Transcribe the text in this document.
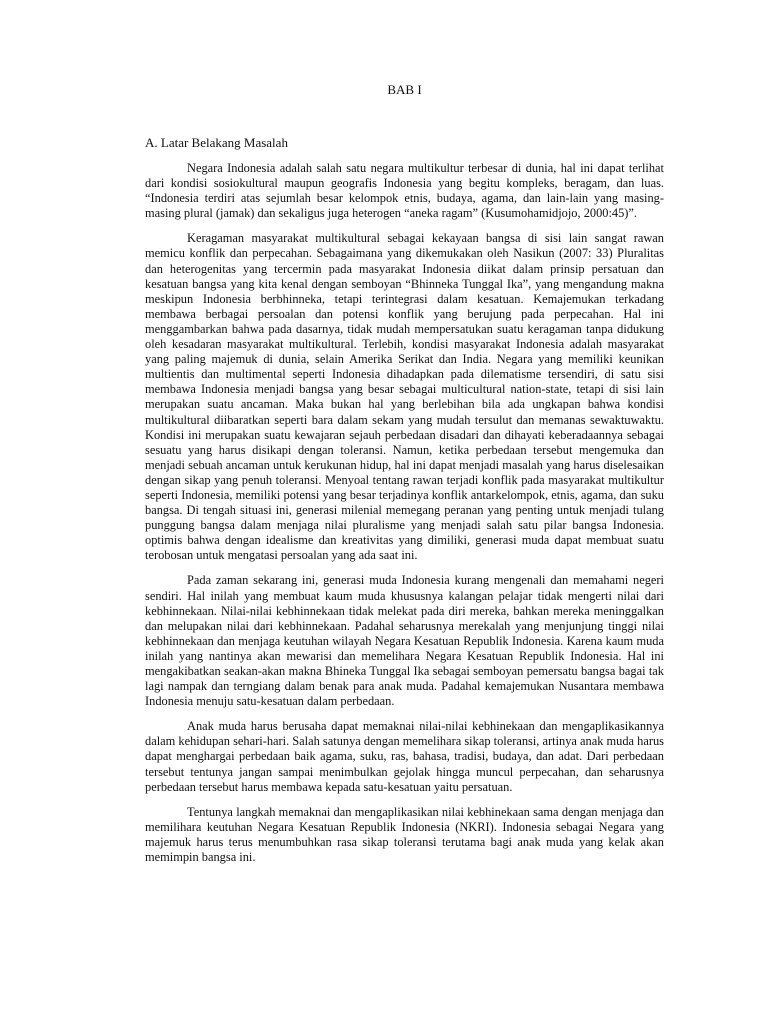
BAB I
A. Latar Belakang Masalah

Negara Indonesia adalah salah satu negara multikultur terbesar di dunia, hal ini dapat terlihat dari kondisi sosiokultural maupun geografis Indonesia yang begitu kompleks, beragam, dan luas. “Indonesia terdiri atas sejumlah besar kelompok etnis, budaya, agama, dan lain-lain yang masing-masing plural (jamak) dan sekaligus juga heterogen “aneka ragam” (Kusumohamidjojo, 2000:45)”.

Keragaman masyarakat multikultural sebagai kekayaan bangsa di sisi lain sangat rawan memicu konflik dan perpecahan. Sebagaimana yang dikemukakan oleh Nasikun (2007: 33) Pluralitas dan heterogenitas yang tercermin pada masyarakat Indonesia diikat dalam prinsip persatuan dan kesatuan bangsa yang kita kenal dengan semboyan “Bhinneka Tunggal Ika”, yang mengandung makna meskipun Indonesia berbhinneka, tetapi terintegrasi dalam kesatuan. Kemajemukan terkadang membawa berbagai persoalan dan potensi konflik yang berujung pada perpecahan. Hal ini menggambarkan bahwa pada dasarnya, tidak mudah mempersatukan suatu keragaman tanpa didukung oleh kesadaran masyarakat multikultural. Terlebih, kondisi masyarakat Indonesia adalah masyarakat yang paling majemuk di dunia, selain Amerika Serikat dan India. Negara yang memiliki keunikan multientis dan multimental seperti Indonesia dihadapkan pada dilematisme tersendiri, di satu sisi membawa Indonesia menjadi bangsa yang besar sebagai multicultural nation-state, tetapi di sisi lain merupakan suatu ancaman. Maka bukan hal yang berlebihan bila ada ungkapan bahwa kondisi multikultural diibaratkan seperti bara dalam sekam yang mudah tersulut dan memanas sewaktuwaktu. Kondisi ini merupakan suatu kewajaran sejauh perbedaan disadari dan dihayati keberadaannya sebagai sesuatu yang harus disikapi dengan toleransi. Namun, ketika perbedaan tersebut mengemuka dan menjadi sebuah ancaman untuk kerukunan hidup, hal ini dapat menjadi masalah yang harus diselesaikan dengan sikap yang penuh toleransi. Menyoal tentang rawan terjadi konflik pada masyarakat multikultur seperti Indonesia, memiliki potensi yang besar terjadinya konflik antarkelompok, etnis, agama, dan suku bangsa. Di tengah situasi ini, generasi milenial memegang peranan yang penting untuk menjadi tulang punggung bangsa dalam menjaga nilai pluralisme yang menjadi salah satu pilar bangsa Indonesia. optimis bahwa dengan idealisme dan kreativitas yang dimiliki, generasi muda dapat membuat suatu terobosan untuk mengatasi persoalan yang ada saat ini.

Pada zaman sekarang ini, generasi muda Indonesia kurang mengenali dan memahami negeri sendiri. Hal inilah yang membuat kaum muda khususnya kalangan pelajar tidak mengerti nilai dari kebhinnekaan. Nilai-nilai kebhinnekaan tidak melekat pada diri mereka, bahkan mereka meninggalkan dan melupakan nilai dari kebhinnekaan. Padahal seharusnya merekalah yang menjunjung tinggi nilai kebhinnekaan dan menjaga keutuhan wilayah Negara Kesatuan Republik Indonesia. Karena kaum muda inilah yang nantinya akan mewarisi dan memelihara Negara Kesatuan Republik Indonesia. Hal ini mengakibatkan seakan-akan makna Bhineka Tunggal Ika sebagai semboyan pemersatu bangsa bagai tak lagi nampak dan terngiang dalam benak para anak muda. Padahal kemajemukan Nusantara membawa Indonesia menuju satu-kesatuan dalam perbedaan.

Anak muda harus berusaha dapat memaknai nilai-nilai kebhinekaan dan mengaplikasikannya dalam kehidupan sehari-hari. Salah satunya dengan memelihara sikap toleransi, artinya anak muda harus dapat menghargai perbedaan baik agama, suku, ras, bahasa, tradisi, budaya, dan adat. Dari perbedaan tersebut tentunya jangan sampai menimbulkan gejolak hingga muncul perpecahan, dan seharusnya perbedaan tersebut harus membawa kepada satu-kesatuan yaitu persatuan.

Tentunya langkah memaknai dan mengaplikasikan nilai kebhinekaan sama dengan menjaga dan memilihara keutuhan Negara Kesatuan Republik Indonesia (NKRI). Indonesia sebagai Negara yang majemuk harus terus menumbuhkan rasa sikap toleransi terutama bagi anak muda yang kelak akan memimpin bangsa ini.
